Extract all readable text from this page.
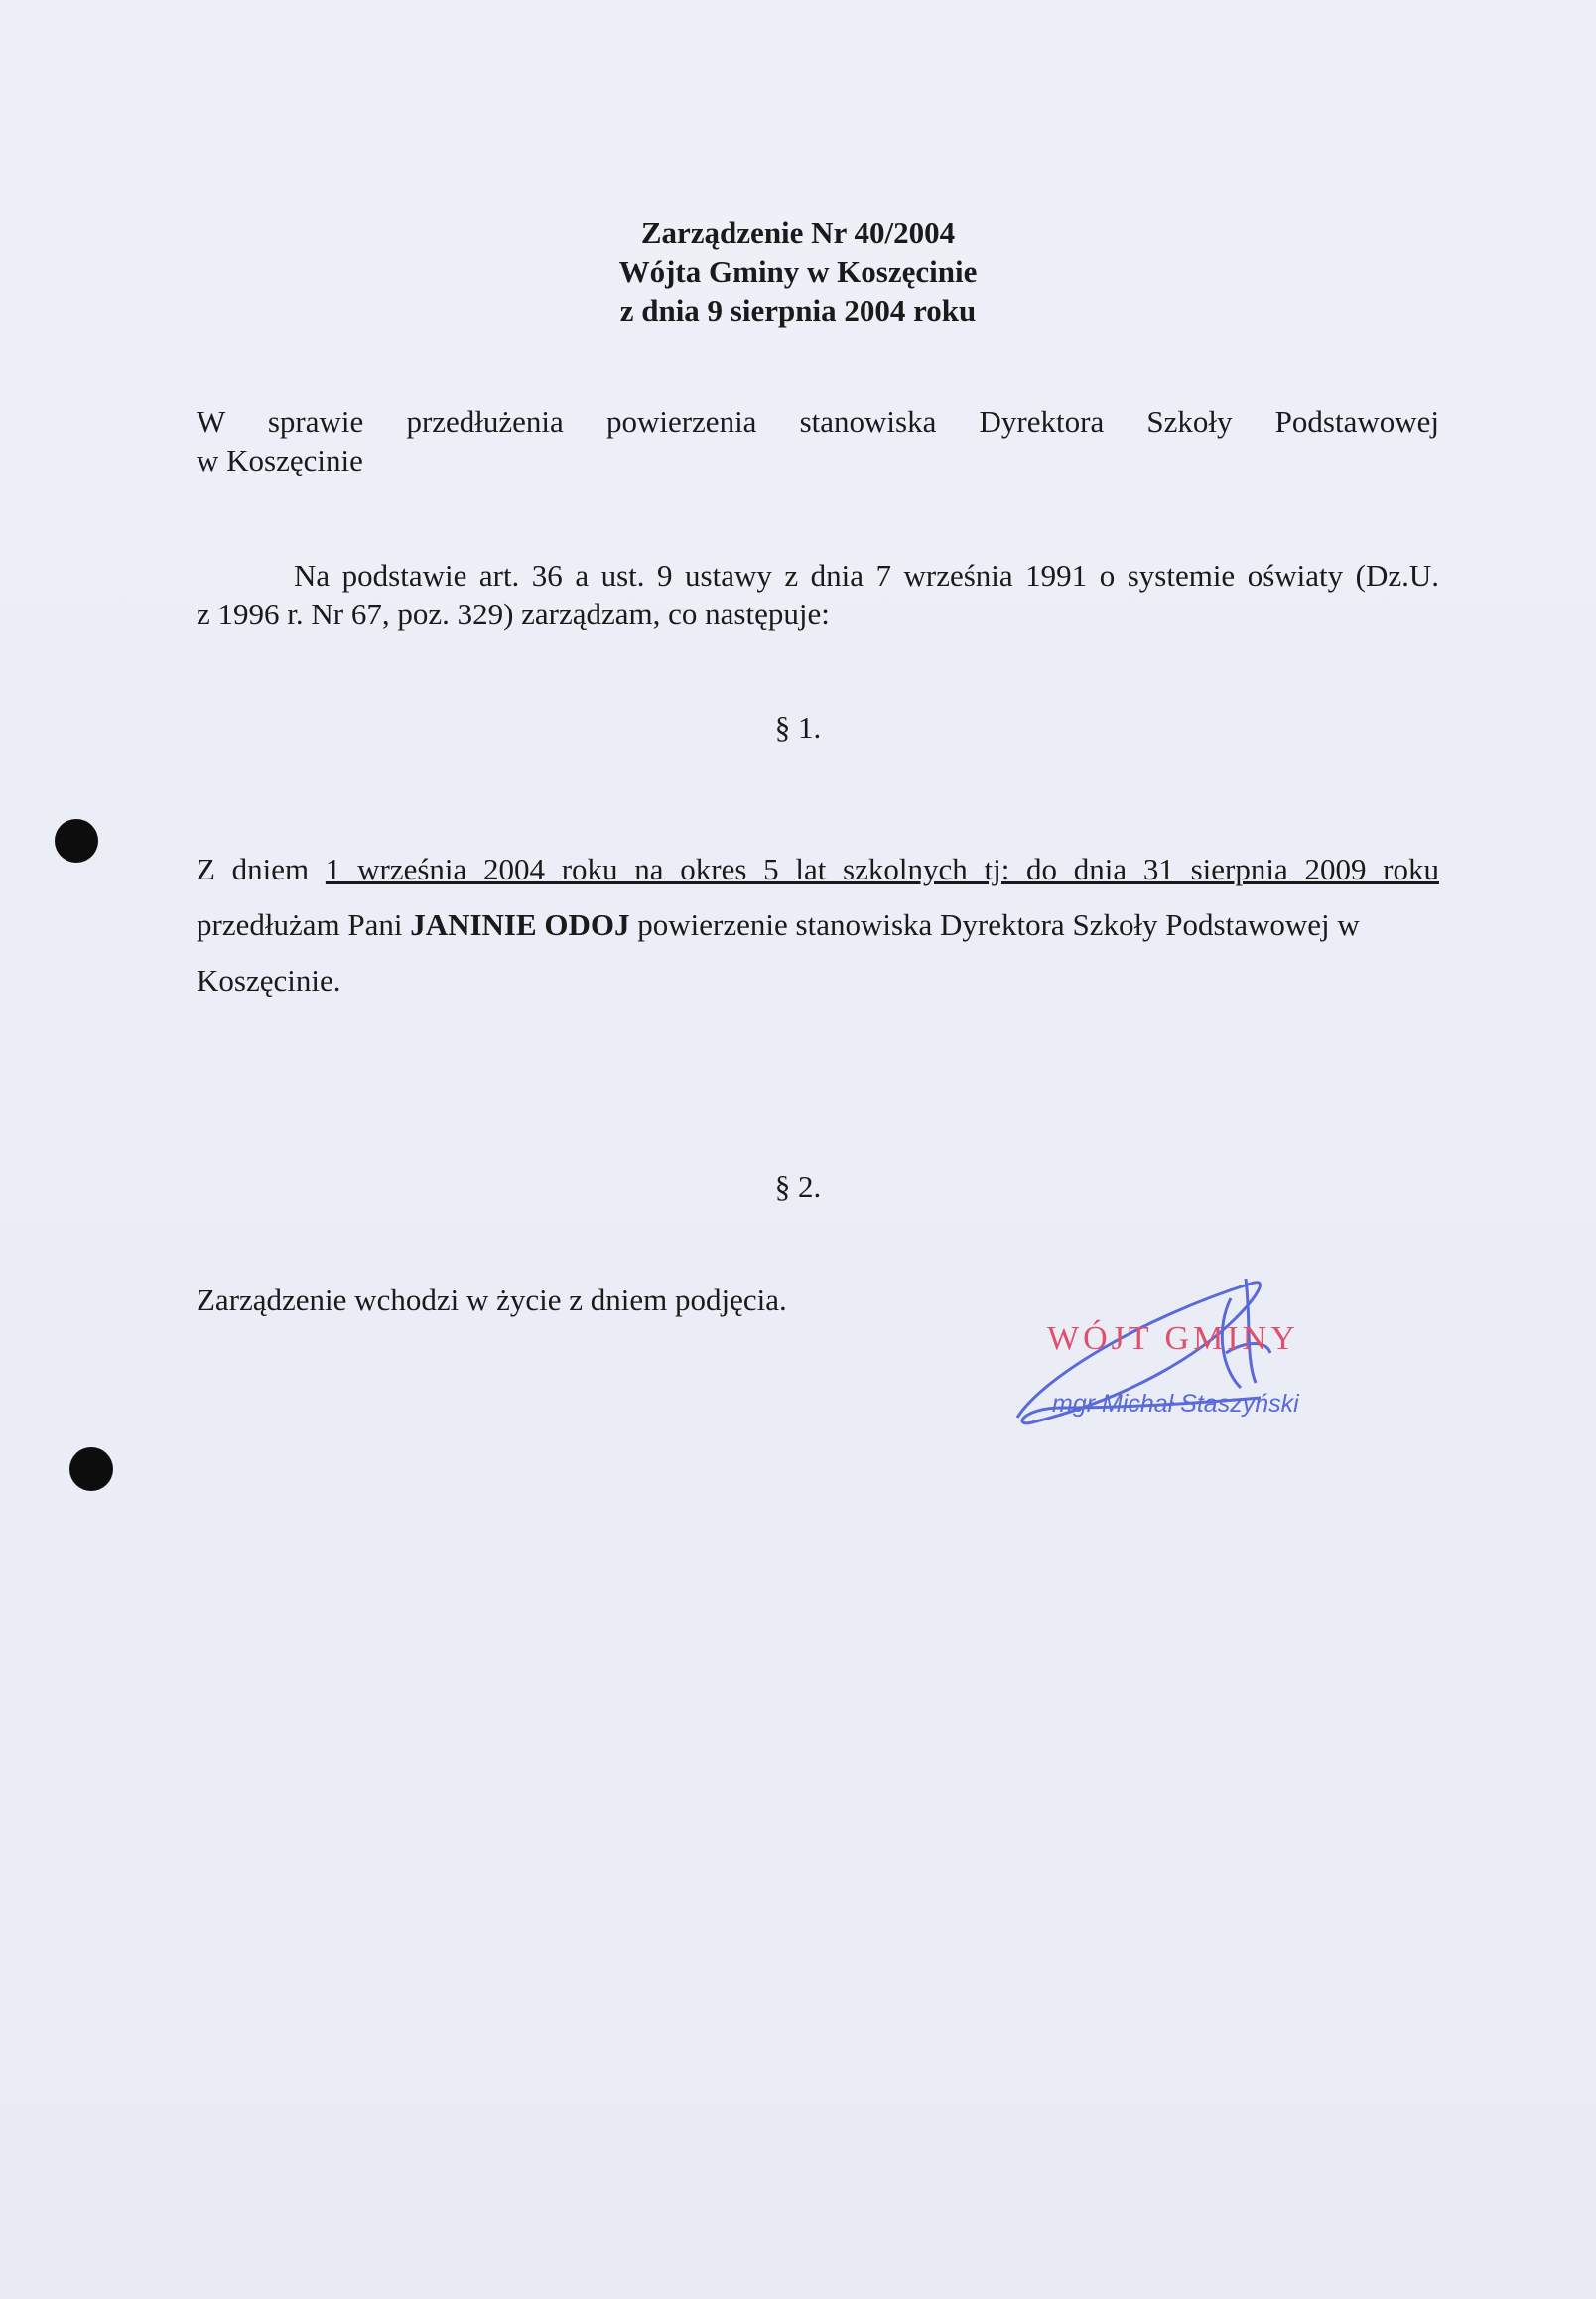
Zarządzenie Nr 40/2004
Wójta Gminy w Koszęcinie
z dnia 9 sierpnia 2004 roku
W sprawie przedłużenia powierzenia stanowiska Dyrektora Szkoły Podstawowej
w Koszęcinie
Na podstawie art. 36 a ust. 9 ustawy z dnia 7 września 1991 o systemie oświaty (Dz.U.
z 1996 r. Nr 67, poz. 329) zarządzam, co następuje:
§ 1.
Z dniem 1 września 2004 roku na okres 5 lat szkolnych tj: do dnia 31 sierpnia 2009 roku
przedłużam Pani JANINIE ODOJ powierzenie stanowiska Dyrektora Szkoły Podstawowej w
Koszęcinie.
§ 2.
Zarządzenie wchodzi w życie z dniem podjęcia.
WÓJT GMINY
mgr Michał Staszyński
